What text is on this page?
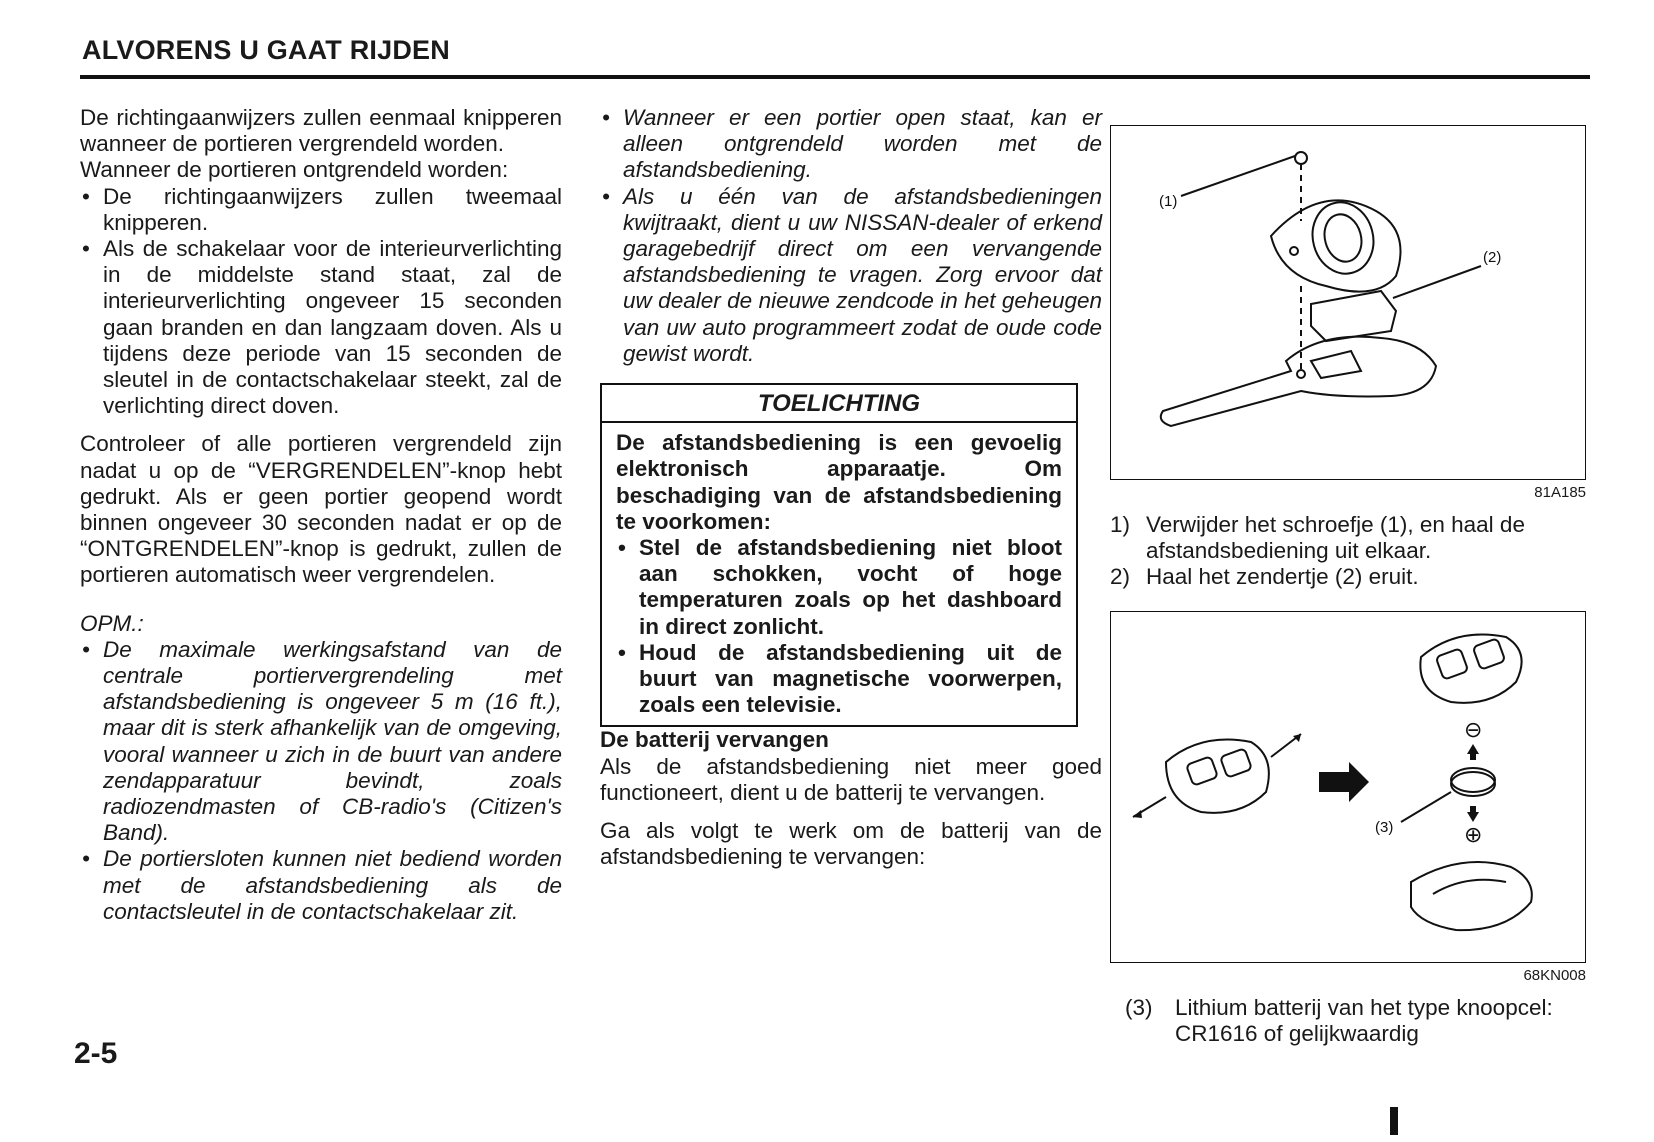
ALVORENS U GAAT RIJDEN

De richtingaanwijzers zullen eenmaal knipperen wanneer de portieren vergrendeld worden.

Wanneer de portieren ontgrendeld worden:

• De richtingaanwijzers zullen tweemaal knipperen.
• Als de schakelaar voor de interieurverlichting in de middelste stand staat, zal de interieurverlichting ongeveer 15 seconden gaan branden en dan langzaam doven. Als u tijdens deze periode van 15 seconden de sleutel in de contactschakelaar steekt, zal de verlichting direct doven.

Controleer of alle portieren vergrendeld zijn nadat u op de “VERGRENDELEN”-knop hebt gedrukt. Als er geen portier geopend wordt binnen ongeveer 30 seconden nadat er op de “ONTGRENDELEN”-knop is gedrukt, zullen de portieren automatisch weer vergrendelen.

OPM.:

• De maximale werkingsafstand van de centrale portiervergrendeling met afstandsbediening is ongeveer 5 m (16 ft.), maar dit is sterk afhankelijk van de omgeving, vooral wanneer u zich in de buurt van andere zendapparatuur bevindt, zoals radiozendmasten of CB-radio's (Citizen's Band).
• De portiersloten kunnen niet bediend worden met de afstandsbediening als de contactsleutel in de contactschakelaar zit.
• Wanneer er een portier open staat, kan er alleen ontgrendeld worden met de afstandsbediening.
• Als u één van de afstandsbedieningen kwijtraakt, dient u uw NISSAN-dealer of erkend garagebedrijf direct om een vervangende afstandsbediening te vragen. Zorg ervoor dat uw dealer de nieuwe zendcode in het geheugen van uw auto programmeert zodat de oude code gewist wordt.
TOELICHTING

De afstandsbediening is een gevoelig elektronisch apparaatje. Om beschadiging van de afstandsbediening te voorkomen:

• Stel de afstandsbediening niet bloot aan schokken, vocht of hoge temperaturen zoals op het dashboard in direct zonlicht.
• Houd de afstandsbediening uit de buurt van magnetische voorwerpen, zoals een televisie.

De batterij vervangen

Als de afstandsbediening niet meer goed functioneert, dient u de batterij te vervangen.

Ga als volgt te werk om de batterij van de afstandsbediening te vervangen:

(1)
(2)
81A185
1) Verwijder het schroefje (1), en haal de afstandsbediening uit elkaar.
2) Haal het zendertje (2) eruit.
⊖
⊕
(3)
68KN008
(3) Lithium batterij van het type knoopcel: CR1616 of gelijkwaardig
2-5
